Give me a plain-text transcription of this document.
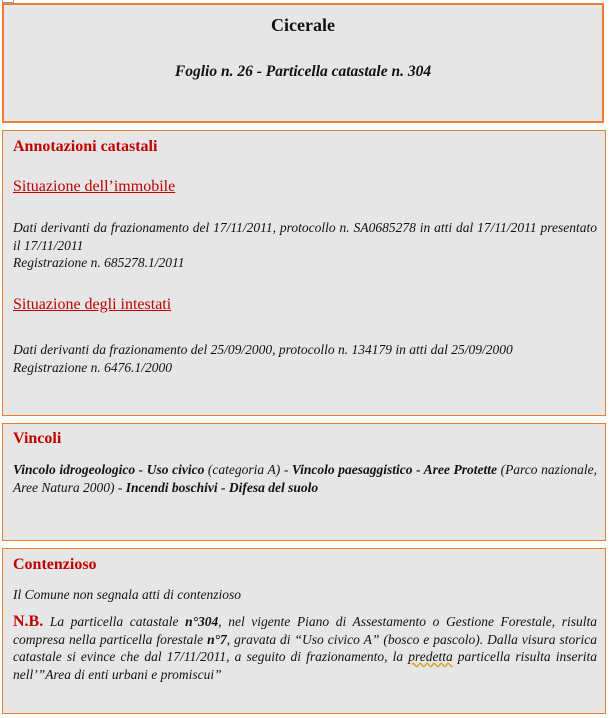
Cicerale
Foglio n. 26 - Particella catastale n. 304
Annotazioni catastali
Situazione dell’immobile
Dati derivanti da frazionamento del 17/11/2011, protocollo n. SA0685278 in atti dal 17/11/2011 presentato il 17/11/2011
Registrazione n. 685278.1/2011
Situazione degli intestati
Dati derivanti da frazionamento del 25/09/2000, protocollo n. 134179 in atti dal 25/09/2000
Registrazione n. 6476.1/2000
Vincoli
Vincolo idrogeologico - Uso civico (categoria A) - Vincolo paesaggistico - Aree Protette (Parco nazionale, Aree Natura 2000) - Incendi boschivi - Difesa del suolo
Contenzioso
Il Comune non segnala atti di contenzioso
N.B. La particella catastale n°304, nel vigente Piano di Assestamento o Gestione Forestale, risulta compresa nella particella forestale n°7, gravata di “Uso civico A” (bosco e pascolo). Dalla visura storica catastale si evince che dal 17/11/2011, a seguito di frazionamento, la predetta particella risulta inserita nell’”Area di enti urbani e promiscui”
